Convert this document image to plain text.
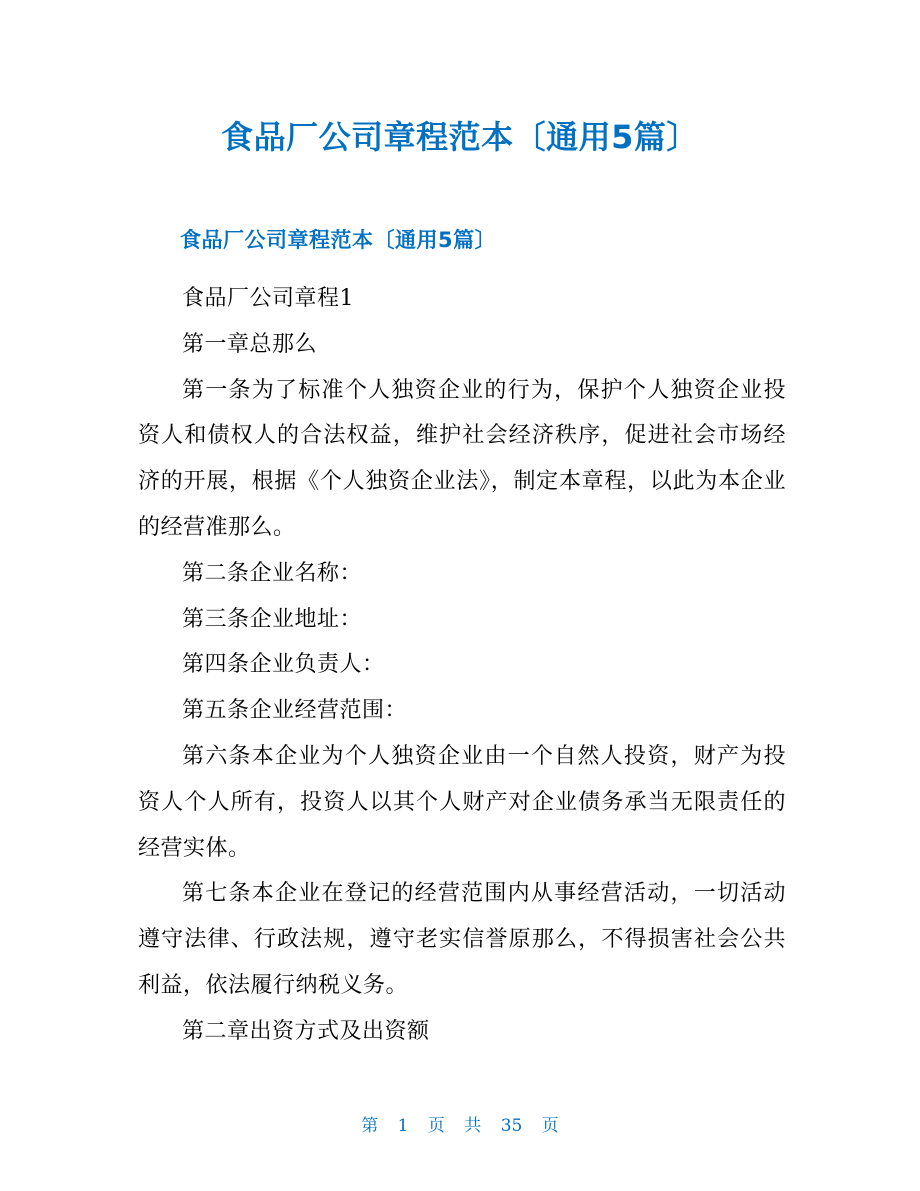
食品厂公司章程范本〔通用5篇〕
食品厂公司章程范本〔通用5篇〕

食品厂公司章程1

第一章总那么

第一条为了标准个人独资企业的行为，保护个人独资企业投资人和债权人的合法权益，维护社会经济秩序，促进社会市场经济的开展，根据《个人独资企业法》，制定本章程，以此为本企业的经营准那么。

第二条企业名称：

第三条企业地址：

第四条企业负责人：

第五条企业经营范围：

第六条本企业为个人独资企业由一个自然人投资，财产为投资人个人所有，投资人以其个人财产对企业债务承当无限责任的经营实体。

第七条本企业在登记的经营范围内从事经营活动，一切活动遵守法律、行政法规，遵守老实信誉原那么，不得损害社会公共利益，依法履行纳税义务。

第二章出资方式及出资额

第 1 页 共 35 页
